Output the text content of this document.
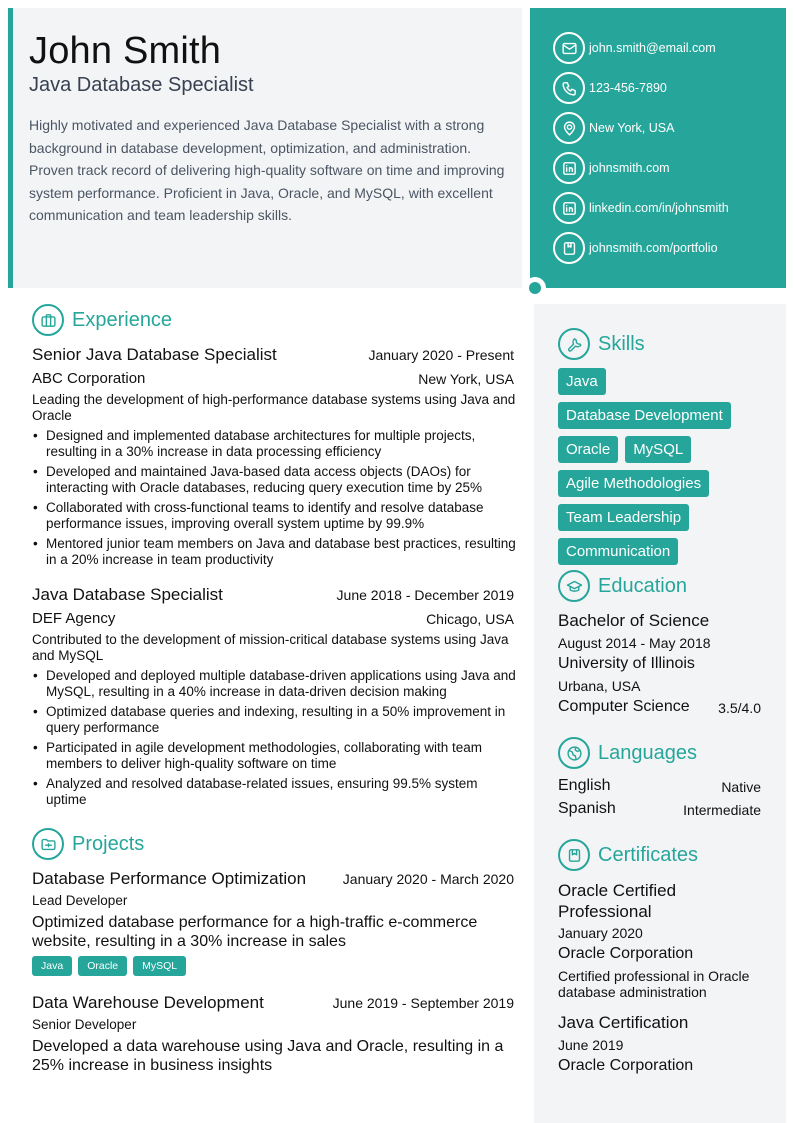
John Smith
Java Database Specialist
Highly motivated and experienced Java Database Specialist with a strong background in database development, optimization, and administration. Proven track record of delivering high-quality software on time and improving system performance. Proficient in Java, Oracle, and MySQL, with excellent communication and team leadership skills.
john.smith@email.com
123-456-7890
New York, USA
johnsmith.com
linkedin.com/in/johnsmith
johnsmith.com/portfolio
Experience
Senior Java Database Specialist	January 2020 - Present
ABC Corporation	New York, USA
Leading the development of high-performance database systems using Java and Oracle
• Designed and implemented database architectures for multiple projects, resulting in a 30% increase in data processing efficiency
• Developed and maintained Java-based data access objects (DAOs) for interacting with Oracle databases, reducing query execution time by 25%
• Collaborated with cross-functional teams to identify and resolve database performance issues, improving overall system uptime by 99.9%
• Mentored junior team members on Java and database best practices, resulting in a 20% increase in team productivity
Java Database Specialist	June 2018 - December 2019
DEF Agency	Chicago, USA
Contributed to the development of mission-critical database systems using Java and MySQL
• Developed and deployed multiple database-driven applications using Java and MySQL, resulting in a 40% increase in data-driven decision making
• Optimized database queries and indexing, resulting in a 50% improvement in query performance
• Participated in agile development methodologies, collaborating with team members to deliver high-quality software on time
• Analyzed and resolved database-related issues, ensuring 99.5% system uptime
Projects
Database Performance Optimization	January 2020 - March 2020
Lead Developer
Optimized database performance for a high-traffic e-commerce website, resulting in a 30% increase in sales
Java	Oracle	MySQL
Data Warehouse Development	June 2019 - September 2019
Senior Developer
Developed a data warehouse using Java and Oracle, resulting in a 25% increase in business insights
Skills
Java
Database Development
Oracle	MySQL
Agile Methodologies
Team Leadership
Communication
Education
Bachelor of Science
August 2014 - May 2018
University of Illinois
Urbana, USA
Computer Science 3.5/4.0
Languages
English	Native
Spanish	Intermediate
Certificates
Oracle Certified Professional
January 2020
Oracle Corporation
Certified professional in Oracle database administration
Java Certification
June 2019
Oracle Corporation
